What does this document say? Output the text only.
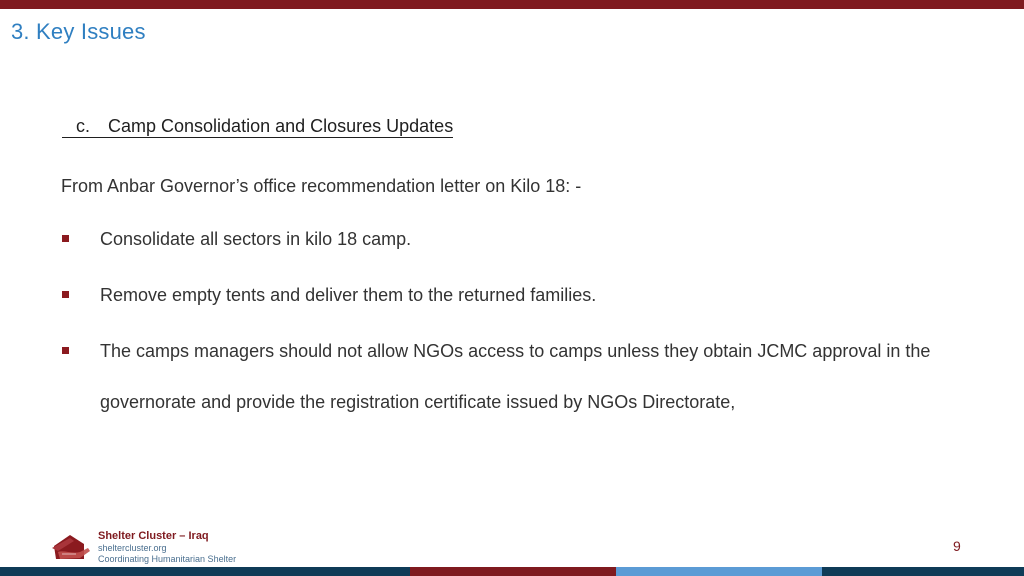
3. Key Issues
c. Camp Consolidation and Closures Updates
From Anbar Governor’s office recommendation letter on Kilo 18: -
Consolidate all sectors in kilo 18 camp.
Remove empty tents and deliver them to the returned families.
The camps managers should not allow NGOs access to camps unless they obtain JCMC approval in the governorate and provide the registration certificate issued by NGOs Directorate,
Shelter Cluster – Iraq
sheltercluster.org
Coordinating Humanitarian Shelter
9
